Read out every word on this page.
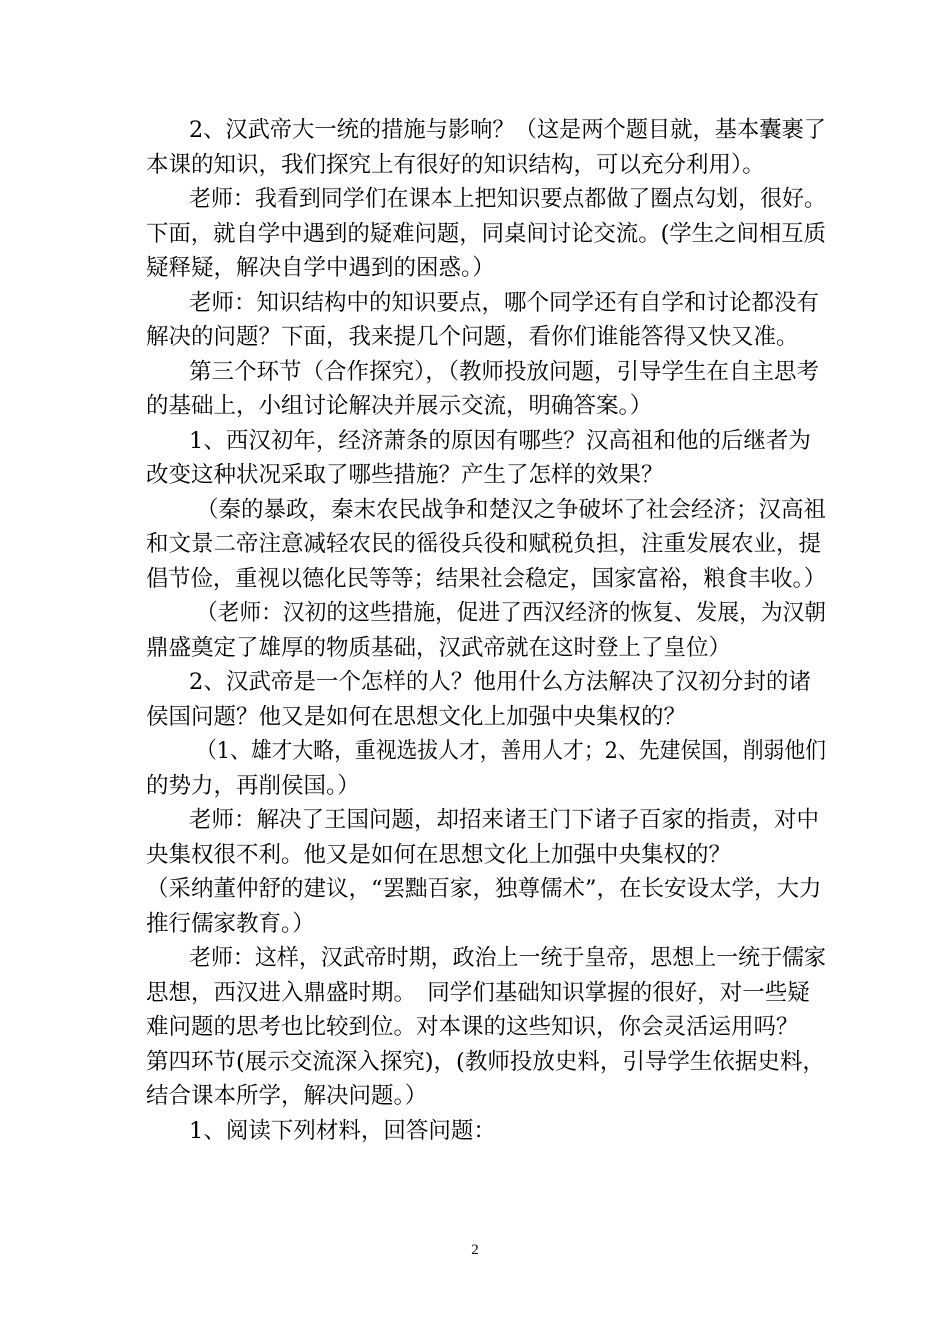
2、汉武帝大一统的措施与影响？（这是两个题目就，基本囊裹了
本课的知识，我们探究上有很好的知识结构，可以充分利用）。
老师：我看到同学们在课本上把知识要点都做了圈点勾划，很好。
下面，就自学中遇到的疑难问题，同桌间讨论交流。(学生之间相互质
疑释疑，解决自学中遇到的困惑。）
老师：知识结构中的知识要点，哪个同学还有自学和讨论都没有
解决的问题？下面，我来提几个问题，看你们谁能答得又快又准。
第三个环节（合作探究），（教师投放问题，引导学生在自主思考
的基础上，小组讨论解决并展示交流，明确答案。）
1、西汉初年，经济萧条的原因有哪些？汉高祖和他的后继者为
改变这种状况采取了哪些措施？产生了怎样的效果？
（秦的暴政，秦末农民战争和楚汉之争破坏了社会经济；汉高祖
和文景二帝注意减轻农民的徭役兵役和赋税负担，注重发展农业，提
倡节俭，重视以德化民等等；结果社会稳定，国家富裕，粮食丰收。）
（老师：汉初的这些措施，促进了西汉经济的恢复、发展，为汉朝
鼎盛奠定了雄厚的物质基础，汉武帝就在这时登上了皇位）
2、汉武帝是一个怎样的人？他用什么方法解决了汉初分封的诸
侯国问题？他又是如何在思想文化上加强中央集权的？
（1、雄才大略，重视选拔人才，善用人才；2、先建侯国，削弱他们
的势力，再削侯国。）
老师：解决了王国问题，却招来诸王门下诸子百家的指责，对中
央集权很不利。他又是如何在思想文化上加强中央集权的？
（采纳董仲舒的建议，“罢黜百家，独尊儒术”，在长安设太学，大力
推行儒家教育。）
老师：这样，汉武帝时期，政治上一统于皇帝，思想上一统于儒家
思想，西汉进入鼎盛时期。　同学们基础知识掌握的很好，对一些疑
难问题的思考也比较到位。对本课的这些知识，你会灵活运用吗？
第四环节(展示交流深入探究)，(教师投放史料，引导学生依据史料，
结合课本所学，解决问题。）
1、阅读下列材料，回答问题：
2
